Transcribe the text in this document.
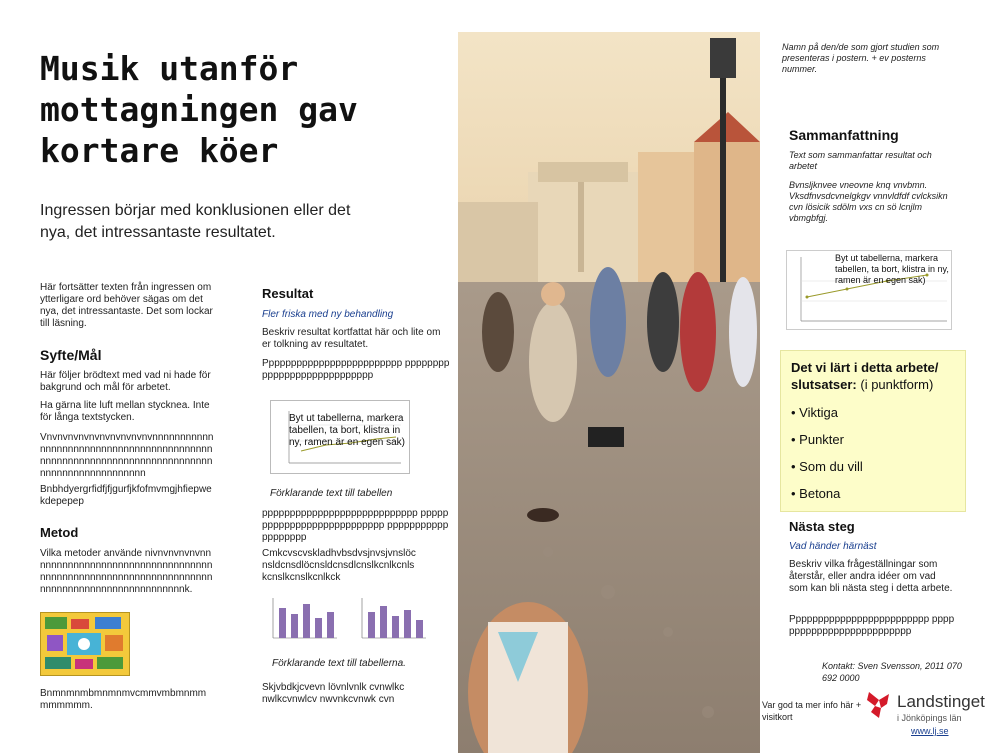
Musik utanför mottagningen gav kortare köer
Ingressen börjar med konklusionen eller det nya, det intressantaste resultatet.
Här fortsätter texten från ingressen om ytterligare ord behöver sägas om det nya, det intressantaste. Det som lockar till läsning.
Syfte/Mål
Här följer brödtext med vad ni hade för bakgrund och mål för arbetet.
Ha gärna lite luft mellan stycknea. Inte för långa textstycken.
Vnvnvnvnvnvnvnvnvnvnvnnnnnnnnnnnnnnnnnnnnnnnnnnnnnnnnnnnnnnnnnnnnnnnnnnnnnnnnnnnnnnnnnnnnnnnnnnnnnnnnnnnnnnnnnnnn
Bnbhdyergrfidfjfjgurfjkfofmvmgjhfiepwekdepepep
Metod
Vilka metoder använde nivnvnvnvnvnnnnnnnnnnnnnnnnnnnnnnnnnnnnnnnnnnnnnnnnnnnnnnnnnnnnnnnnnnnnnnnnnnnnnnnnnnnnnnnnnnnnnnnnnnk.
Bnmnmnmbmnmnmvcmmvmbmnmm mmmmmm.
Resultat
Fler friska med ny behandling
Beskriv resultat kortfattat här och lite om er tolkning av resultatet.
Ppppppppppppppppppppppppp pppppppppppppppppppppppppppp
Byt ut tabellerna, markera tabellen, ta bort, klistra in ny, ramen är en egen sak)
Förklarande text till tabellen
pppppppppppppppppppppppppppp ppppppppppppppppppppppppppp ppppppppppppppppppp
Cmkcvscvskladhvbsdvsjnvsjvnslöc nsldcnsdlöcnsldcnsdlcnslkcnlkcnls kcnslkcnslkcnlkck
Förklarande text till tabellerna.
Skjvbdkjcvevn lövnlvnlk cvnwlkc nwlkcvnwlcv nwvnkcvnwk cvn
Namn på den/de som gjort studien som presenteras i postern. + ev posterns nummer.
Sammanfattning
Text som sammanfattar resultat och arbetet
Bvnsljknvee vneovne knq vnvbmn. Vksdfnvsdcvnelgkgv vnnvldfdf cvlcksikn cvn lösicik sdölm vxs cn sö lcnjlm vbmgbfgj.
Byt ut tabellerna, markera tabellen, ta bort, klistra in ny, ramen är en egen sak)
Det vi lärt i detta arbete/ slutsatser: (i punktform)
• Viktiga
• Punkter
• Som du vill
• Betona
Nästa steg
Vad händer härnäst
Beskriv vilka frågeställningar som återstår, eller andra idéer om vad som kan bli nästa steg i detta arbete.
Ppppppppppppppppppppppppp pppppppppppppppppppppppppp
Kontakt: Sven Svensson, 2011 070 692 0000
Var god ta mer info här + visitkort
Landstinget
i Jönköpings län
www.lj.se
